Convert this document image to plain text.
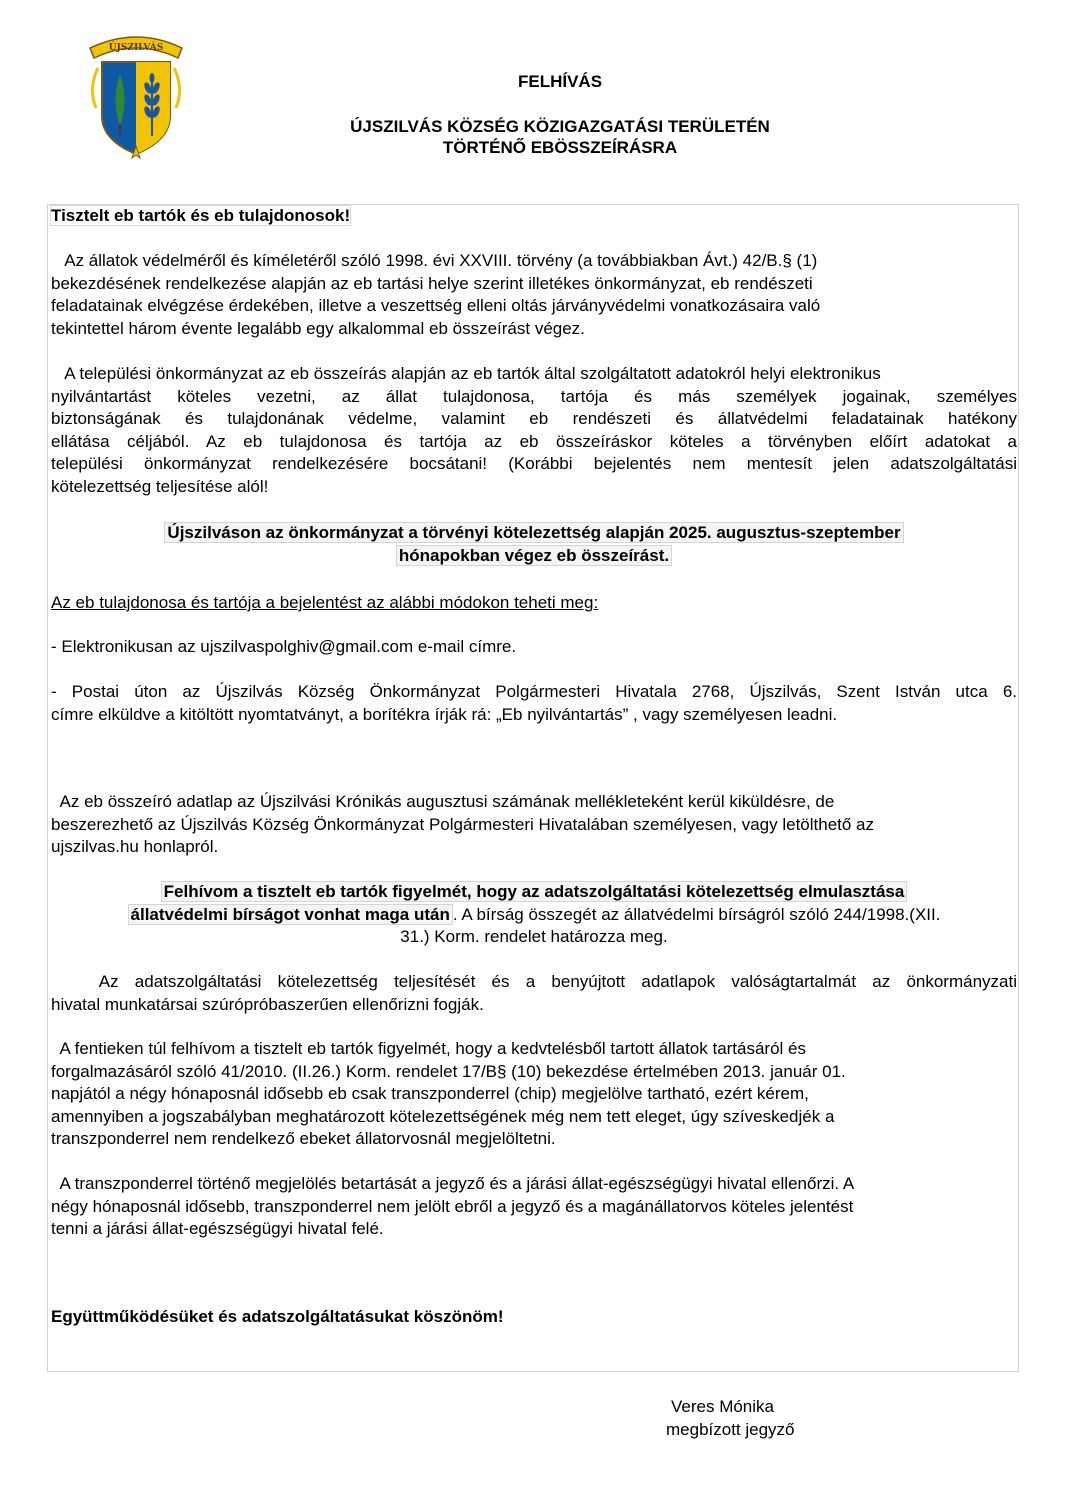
ÚJSZILVÁS
FELHÍVÁS
ÚJSZILVÁS KÖZSÉG KÖZIGAZGATÁSI TERÜLETÉN
TÖRTÉNŐ EBÖSSZEÍRÁSRA
Tisztelt eb tartók és eb tulajdonosok!
Az állatok védelméről és kíméletéről szóló 1998. évi XXVIII. törvény (a továbbiakban Ávt.) 42/B.§ (1)
bekezdésének rendelkezése alapján az eb tartási helye szerint illetékes önkormányzat, eb rendészeti
feladatainak elvégzése érdekében, illetve a veszettség elleni oltás járványvédelmi vonatkozásaira való
tekintettel három évente legalább egy alkalommal eb összeírást végez.
A települési önkormányzat az eb összeírás alapján az eb tartók által szolgáltatott adatokról helyi elektronikus
nyilvántartást köteles vezetni, az állat tulajdonosa, tartója és más személyek jogainak, személyes
biztonságának és tulajdonának védelme, valamint eb rendészeti és állatvédelmi feladatainak hatékony
ellátása céljából. Az eb tulajdonosa és tartója az eb összeíráskor köteles a törvényben előírt adatokat a
települési önkormányzat rendelkezésére bocsátani! (Korábbi bejelentés nem mentesít jelen adatszolgáltatási
kötelezettség teljesítése alól!
Újszilváson az önkormányzat a törvényi kötelezettség alapján 2025. augusztus-szeptember
hónapokban végez eb összeírást.
Az eb tulajdonosa és tartója a bejelentést az alábbi módokon teheti meg:
- Elektronikusan az ujszilvaspolghiv@gmail.com e-mail címre.
- Postai úton az Újszilvás Község Önkormányzat Polgármesteri Hivatala 2768, Újszilvás, Szent István utca 6.
címre elküldve a kitöltött nyomtatványt, a borítékra írják rá: „Eb nyilvántartás” , vagy személyesen leadni.
Az eb összeíró adatlap az Újszilvási Krónikás augusztusi számának mellékleteként kerül kiküldésre, de
beszerezhető az Újszilvás Község Önkormányzat Polgármesteri Hivatalában személyesen, vagy letölthető az
ujszilvas.hu honlapról.
Felhívom a tisztelt eb tartók figyelmét, hogy az adatszolgáltatási kötelezettség elmulasztása
állatvédelmi bírságot vonhat maga után . A bírság összegét az állatvédelmi bírságról szóló 244/1998.(XII.
31.) Korm. rendelet határozza meg.
Az adatszolgáltatási kötelezettség teljesítését és a benyújtott adatlapok valóságtartalmát az önkormányzati
hivatal munkatársai szúrópróbaszerűen ellenőrizni fogják.
A fentieken túl felhívom a tisztelt eb tartók figyelmét, hogy a kedvtelésből tartott állatok tartásáról és
forgalmazásáról szóló 41/2010. (II.26.) Korm. rendelet 17/B§ (10) bekezdése értelmében 2013. január 01.
napjától a négy hónaposnál idősebb eb csak transzponderrel (chip) megjelölve tartható, ezért kérem,
amennyiben a jogszabályban meghatározott kötelezettségének még nem tett eleget, úgy szíveskedjék a
transzponderrel nem rendelkező ebeket állatorvosnál megjelöltetni.
A transzponderrel történő megjelölés betartását a jegyző és a járási állat-egészségügyi hivatal ellenőrzi. A
négy hónaposnál idősebb, transzponderrel nem jelölt ebről a jegyző és a magánállatorvos köteles jelentést
tenni a járási állat-egészségügyi hivatal felé.
Együttműködésüket és adatszolgáltatásukat köszönöm!
Veres Mónika
megbízott jegyző
